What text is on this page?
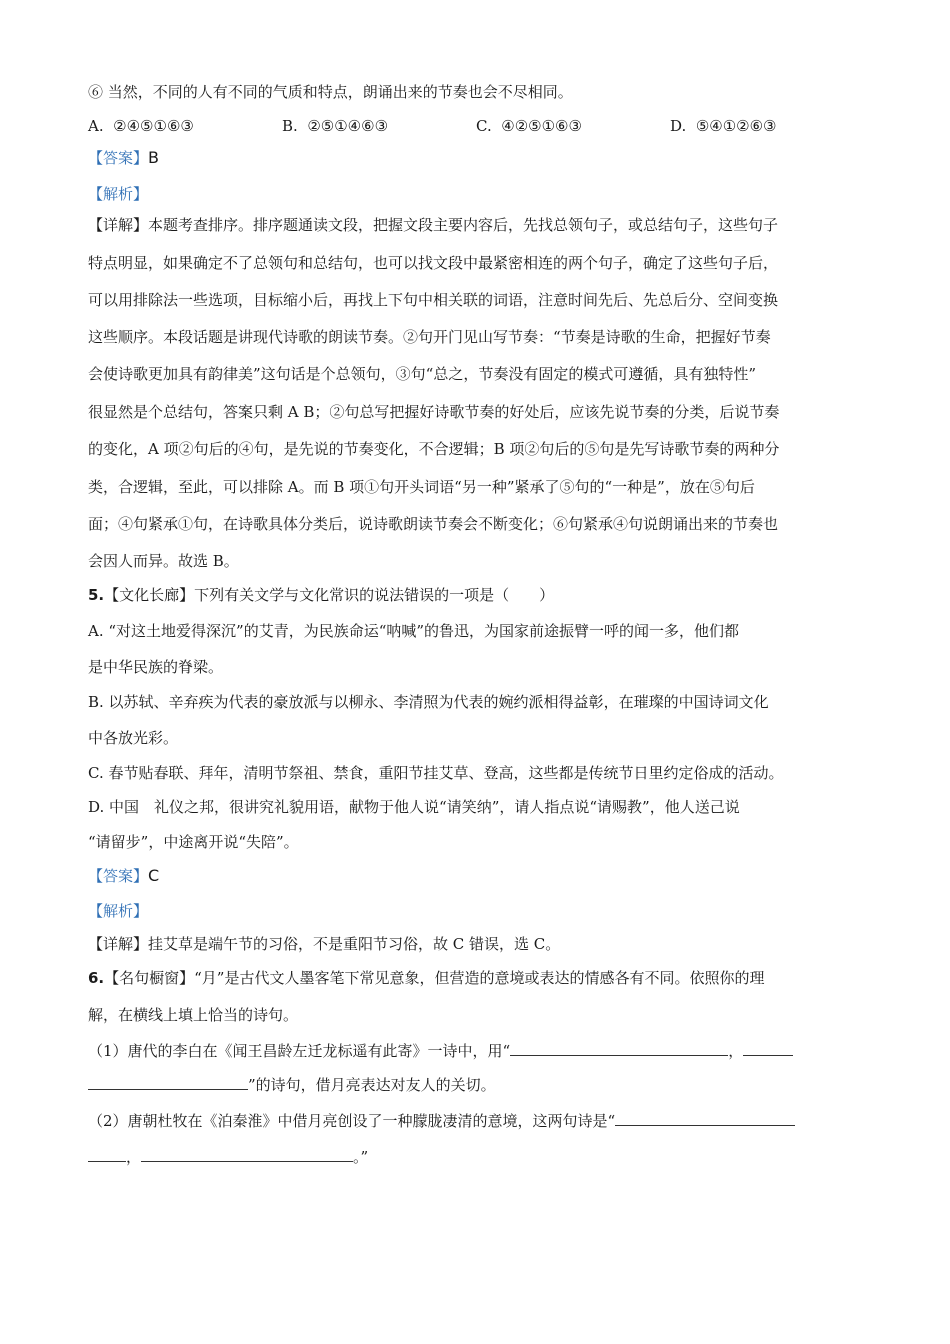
⑥ 当然，不同的人有不同的气质和特点，朗诵出来的节奏也会不尽相同。
A. ②④⑤①⑥③	B. ②⑤①④⑥③	C. ④②⑤①⑥③	D. ⑤④①②⑥③
【答案】B
【解析】
【详解】本题考查排序。排序题通读文段，把握文段主要内容后，先找总领句子，或总结句子，这些句子
特点明显，如果确定不了总领句和总结句，也可以找文段中最紧密相连的两个句子，确定了这些句子后，
可以用排除法一些选项，目标缩小后，再找上下句中相关联的词语，注意时间先后、先总后分、空间变换
这些顺序。本段话题是讲现代诗歌的朗读节奏。②句开门见山写节奏：“节奏是诗歌的生命，把握好节奏
会使诗歌更加具有韵律美”这句话是个总领句，③句“总之，节奏没有固定的模式可遵循，具有独特性”
很显然是个总结句，答案只剩 A B；②句总写把握好诗歌节奏的好处后，应该先说节奏的分类，后说节奏
的变化，A 项②句后的④句，是先说的节奏变化，不合逻辑；B 项②句后的⑤句是先写诗歌节奏的两种分
类，合逻辑，至此，可以排除 A。而 B 项①句开头词语“另一种”紧承了⑤句的“一种是”，放在⑤句后
面；④句紧承①句，在诗歌具体分类后，说诗歌朗读节奏会不断变化；⑥句紧承④句说朗诵出来的节奏也
会因人而异。故选 B。
5.【文化长廊】下列有关文学与文化常识的说法错误的一项是（　　）
A. “对这土地爱得深沉”的艾青，为民族命运“呐喊”的鲁迅，为国家前途振臂一呼的闻一多，他们都
是中华民族的脊梁。
B. 以苏轼、辛弃疾为代表的豪放派与以柳永、李清照为代表的婉约派相得益彰，在璀璨的中国诗词文化
中各放光彩。
C. 春节贴春联、拜年，清明节祭祖、禁食，重阳节挂艾草、登高，这些都是传统节日里约定俗成的活动。
D. 中国　礼仪之邦，很讲究礼貌用语，献物于他人说“请笑纳”，请人指点说“请赐教”，他人送己说
“请留步”，中途离开说“失陪”。
【答案】C
【解析】
【详解】挂艾草是端午节的习俗，不是重阳节习俗，故 C 错误，选 C。
6.【名句橱窗】“月”是古代文人墨客笔下常见意象，但营造的意境或表达的情感各有不同。依照你的理
解，在横线上填上恰当的诗句。
（1）唐代的李白在《闻王昌龄左迁龙标遥有此寄》一诗中，用“	，
”的诗句，借月亮表达对友人的关切。
（2）唐朝杜牧在《泊秦淮》中借月亮创设了一种朦胧凄清的意境，这两句诗是“
，	。”
